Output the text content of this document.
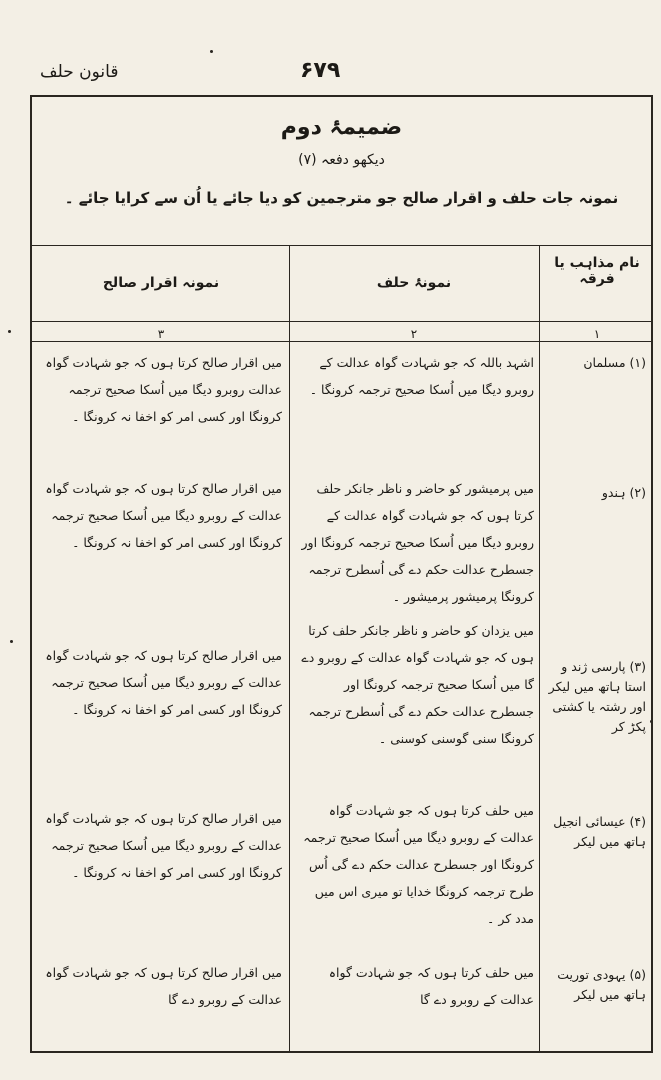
قانون حلف	۶۷۹
ضمیمۂ دوم
دیکھو دفعہ (۷)
نمونہ جات حلف و اقرار صالح جو مترجمین کو دیا جائے یا اُن سے کرایا جائے ۔
نام مذاہب یا فرقہ
نمونۂ حلف
نمونہ اقرار صالح
۱
۲
۳
(۱) مسلمان
اشہد باللہ کہ جو شہادت گواہ عدالت کے روبرو دیگا میں اُسکا صحیح ترجمہ کرونگا ۔
میں اقرار صالح کرتا ہوں کہ جو شہادت گواہ عدالت روبرو دیگا میں اُسکا صحیح ترجمہ کرونگا اور کسی امر کو اخفا نہ کرونگا ۔
(۲) ہندو
میں پرمیشور کو حاضر و ناظر جانکر حلف کرتا ہوں کہ جو شہادت گواہ عدالت کے روبرو دیگا میں اُسکا صحیح ترجمہ کرونگا اور جسطرح عدالت حکم دے گی اُسطرح ترجمہ کرونگا پرمیشور پرمیشور ۔
میں اقرار صالح کرتا ہوں کہ جو شہادت گواہ عدالت کے روبرو دیگا میں اُسکا صحیح ترجمہ کرونگا اور کسی امر کو اخفا نہ کرونگا ۔
(۳) پارسی ژند و استا ہاتھ میں لیکر اور رشتہ یا کشتی پکڑ کر
میں یزدان کو حاضر و ناظر جانکر حلف کرتا ہوں کہ جو شہادت گواہ عدالت کے روبرو دے گا میں اُسکا صحیح ترجمہ کرونگا اور جسطرح عدالت حکم دے گی اُسطرح ترجمہ کرونگا سنی گوسنی کوسنی ۔
میں اقرار صالح کرتا ہوں کہ جو شہادت گواہ عدالت کے روبرو دیگا میں اُسکا صحیح ترجمہ کرونگا اور کسی امر کو اخفا نہ کرونگا ۔
(۴) عیسائی انجیل ہاتھ میں لیکر
میں حلف کرتا ہوں کہ جو شہادت گواہ عدالت کے روبرو دیگا میں اُسکا صحیح ترجمہ کرونگا اور جسطرح عدالت حکم دے گی اُس طرح ترجمہ کرونگا خدایا تو میری اس میں مدد کر ۔
میں اقرار صالح کرتا ہوں کہ جو شہادت گواہ عدالت کے روبرو دیگا میں اُسکا صحیح ترجمہ کرونگا اور کسی امر کو اخفا نہ کرونگا ۔
(۵) یہودی توریت ہاتھ میں لیکر
میں حلف کرتا ہوں کہ جو شہادت گواہ عدالت کے روبرو دے گا
میں اقرار صالح کرتا ہوں کہ جو شہادت گواہ عدالت کے روبرو دے گا
